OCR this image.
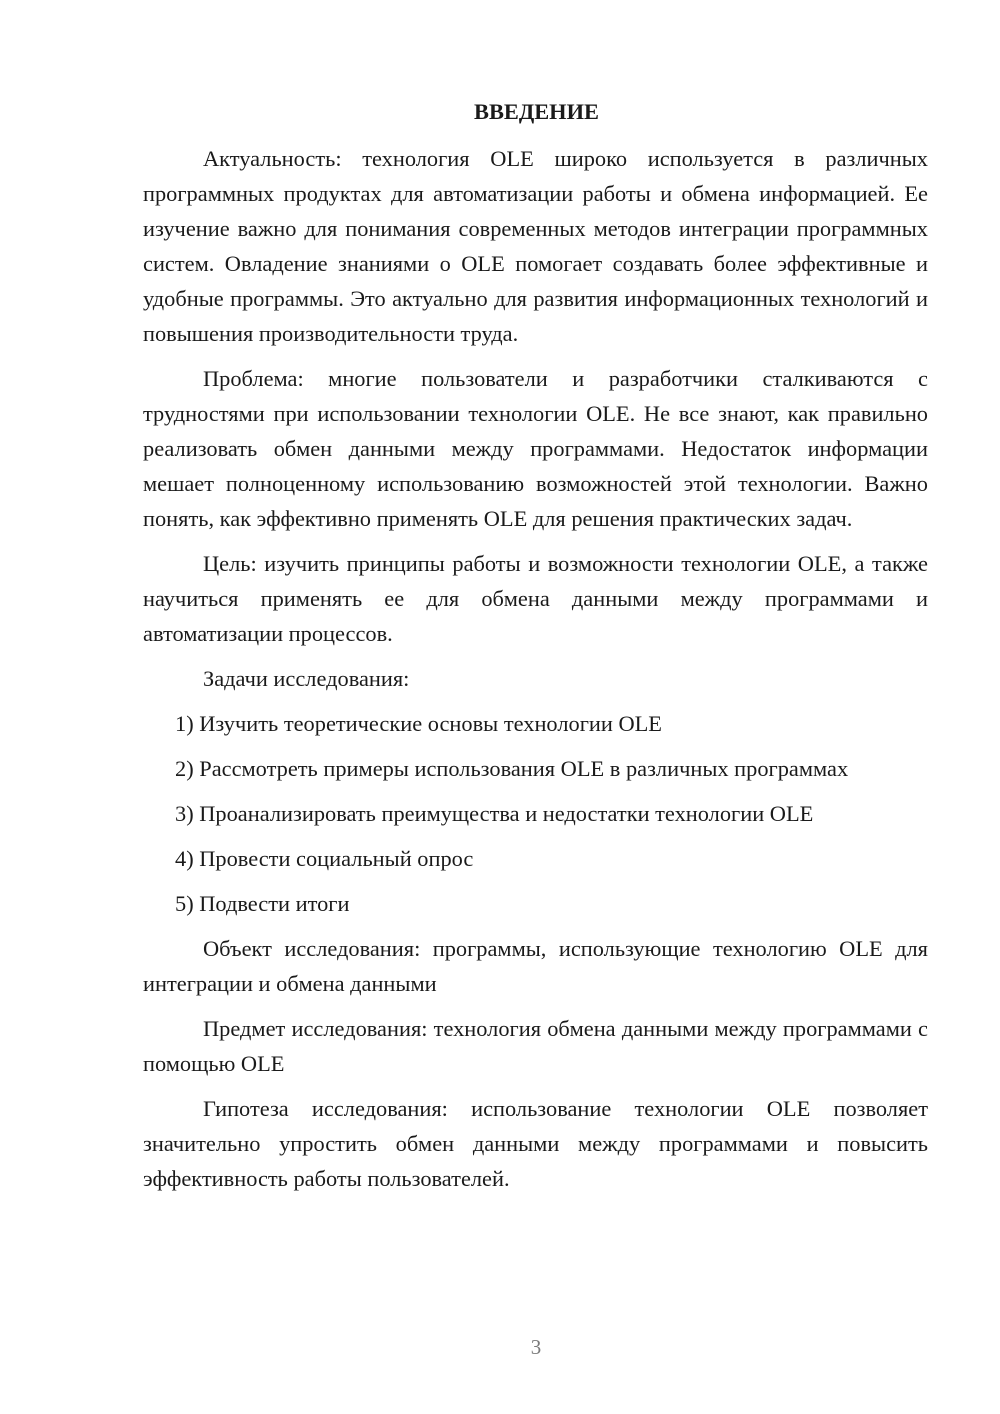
ВВЕДЕНИЕ

Актуальность: технология OLE широко используется в различных программных продуктах для автоматизации работы и обмена информацией. Ее изучение важно для понимания современных методов интеграции программных систем. Овладение знаниями о OLE помогает создавать более эффективные и удобные программы. Это актуально для развития информационных технологий и повышения производительности труда.

Проблема: многие пользователи и разработчики сталкиваются с трудностями при использовании технологии OLE. Не все знают, как правильно реализовать обмен данными между программами. Недостаток информации мешает полноценному использованию возможностей этой технологии. Важно понять, как эффективно применять OLE для решения практических задач.

Цель: изучить принципы работы и возможности технологии OLE, а также научиться применять ее для обмена данными между программами и автоматизации процессов.

Задачи исследования:
1) Изучить теоретические основы технологии OLE
2) Рассмотреть примеры использования OLE в различных программах
3) Проанализировать преимущества и недостатки технологии OLE
4) Провести социальный опрос
5) Подвести итоги

Объект исследования: программы, использующие технологию OLE для интеграции и обмена данными

Предмет исследования: технология обмена данными между программами с помощью OLE

Гипотеза исследования: использование технологии OLE позволяет значительно упростить обмен данными между программами и повысить эффективность работы пользователей.

3
